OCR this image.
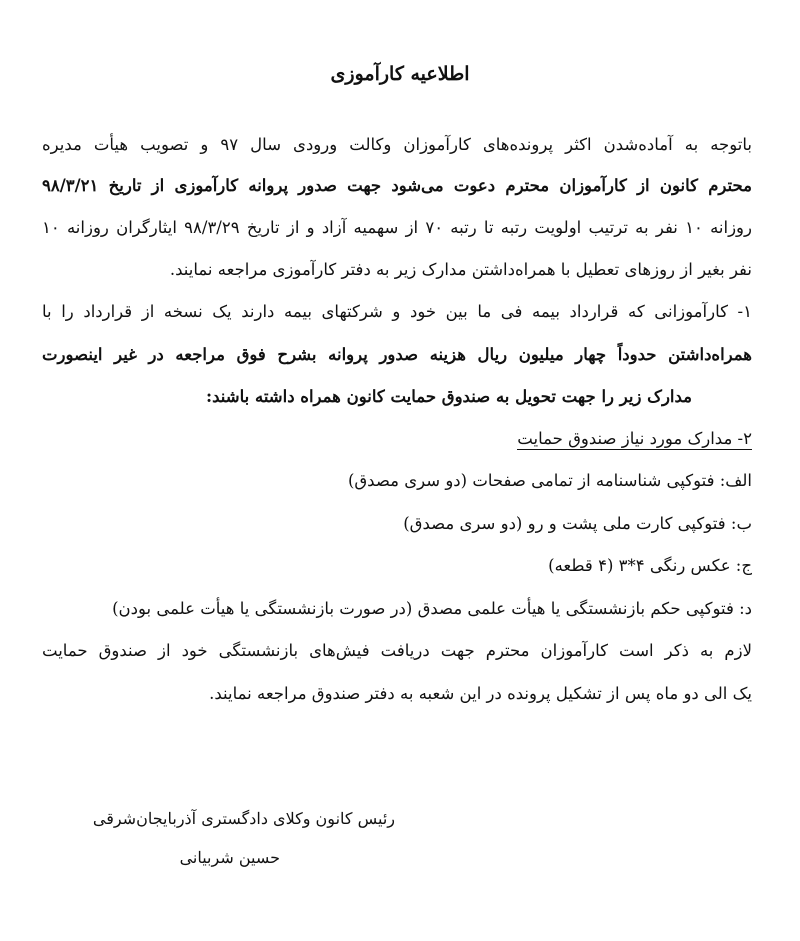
اطلاعیه کارآموزی
باتوجه به آماده‌شدن اکثر پرونده‌های کارآموزان وکالت ورودی سال ۹۷ و تصویب هیأت مدیره
محترم کانون از کارآموزان محترم دعوت می‌شود جهت صدور پروانه کارآموزی از تاریخ ۹۸/۳/۲۱
روزانه ۱۰ نفر به ترتیب اولویت رتبه تا رتبه ۷۰ از سهمیه آزاد و از تاریخ ۹۸/۳/۲۹ ایثارگران روزانه ۱۰
نفر بغیر از روزهای تعطیل با همراه‌داشتن مدارک زیر به دفتر کارآموزی مراجعه نمایند.
۱- کارآموزانی که قرارداد بیمه فی ما بین خود و شرکتهای بیمه دارند یک نسخه از قرارداد را با
همراه‌داشتن حدوداً چهار میلیون ریال هزینه صدور پروانه بشرح فوق مراجعه در غیر اینصورت
مدارک زیر را جهت تحویل به صندوق حمایت کانون همراه داشته باشند:
۲- مدارک مورد نیاز صندوق حمایت
الف: فتوکپی شناسنامه از تمامی صفحات (دو سری مصدق)
ب: فتوکپی کارت ملی پشت و رو (دو سری مصدق)
ج: عکس رنگی ۴*۳ (۴ قطعه)
د: فتوکپی حکم بازنشستگی یا هیأت علمی مصدق (در صورت بازنشستگی یا هیأت علمی بودن)
لازم به ذکر است کارآموزان محترم جهت دریافت فیش‌های بازنشستگی خود از صندوق حمایت
یک الی دو ماه پس از تشکیل پرونده در این شعبه به دفتر صندوق مراجعه نمایند.
رئیس کانون وکلای دادگستری آذربایجان‌شرقی
حسین شربیانی
